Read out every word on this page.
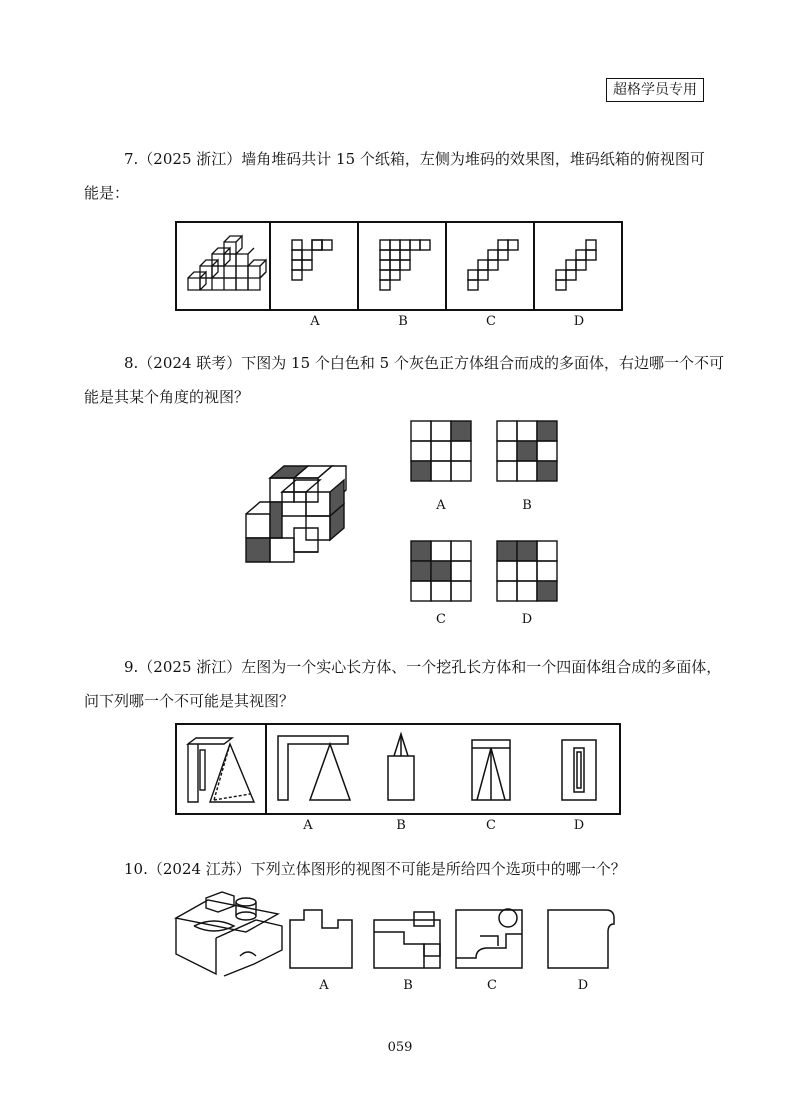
超格学员专用
7.（2025 浙江）墙角堆码共计 15 个纸箱，左侧为堆码的效果图，堆码纸箱的俯视图可
能是：
8.（2024 联考）下图为 15 个白色和 5 个灰色正方体组合而成的多面体，右边哪一个不可
能是其某个角度的视图？
9.（2025 浙江）左图为一个实心长方体、一个挖孔长方体和一个四面体组合成的多面体，
问下列哪一个不可能是其视图？
10.（2024 江苏）下列立体图形的视图不可能是所给四个选项中的哪一个？
A	B	C	D
A	B
C	D
A	B	C	D
A	B	C	D
059
